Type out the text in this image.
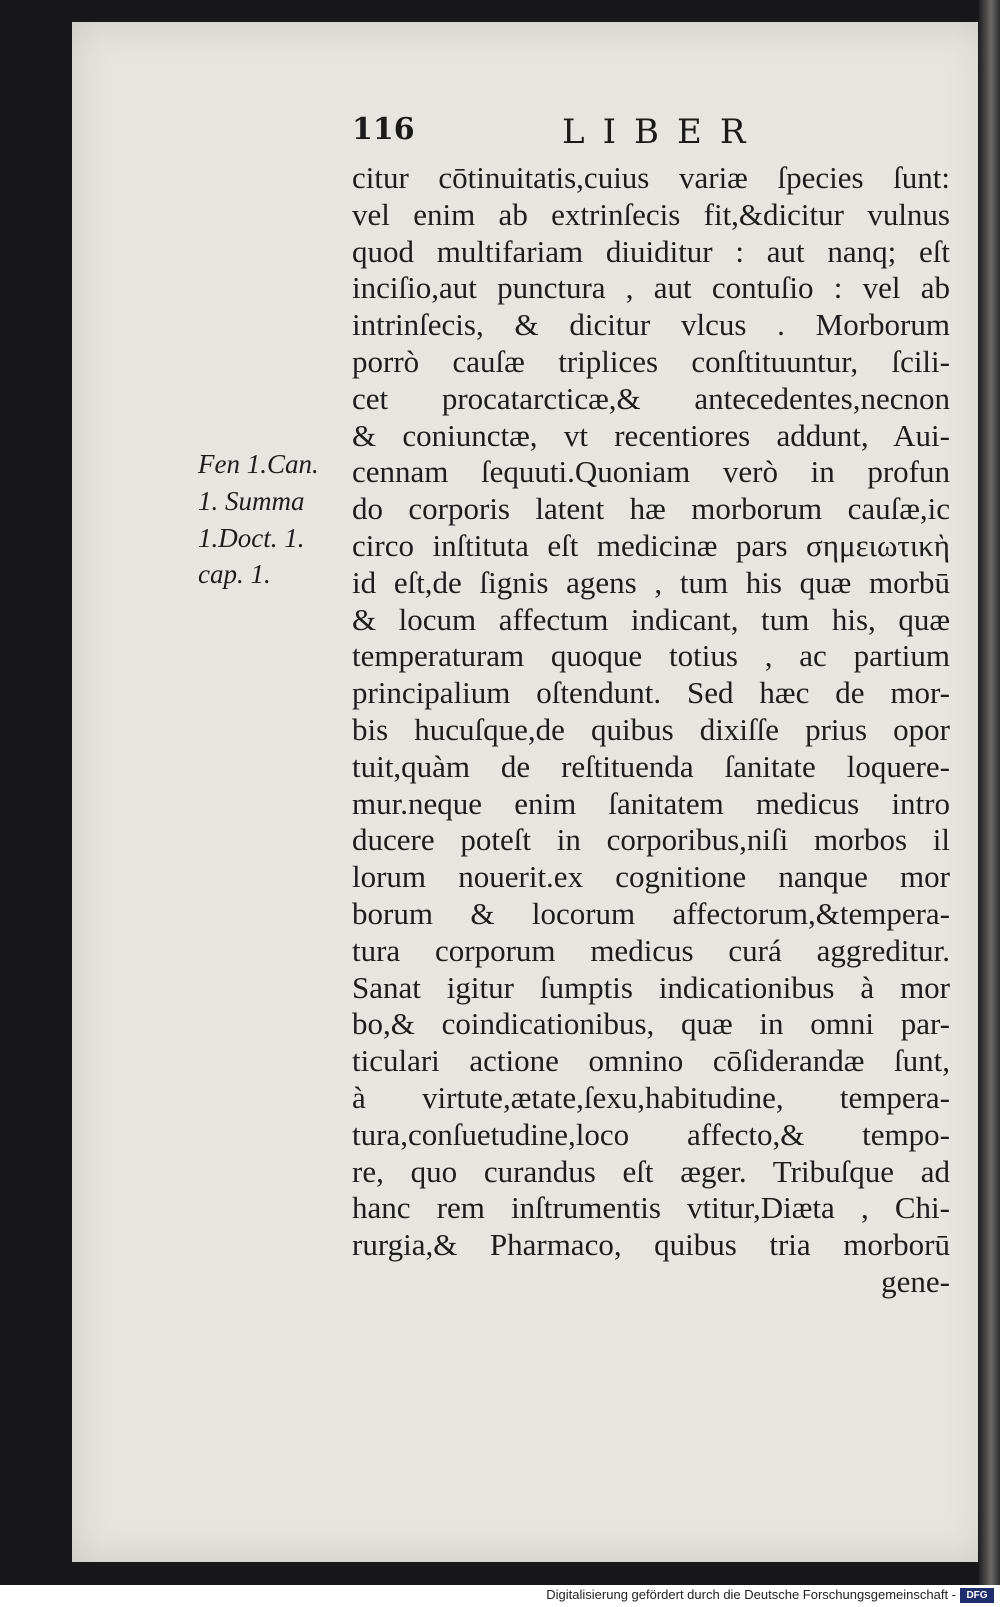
116	LIBER
Fen 1.Can.
1. Summa
1.Doct. 1.
cap. 1.
citur cōtinuitatis,cuius variæ ſpecies ſunt:
vel enim ab extrinſecis fit,&dicitur vulnus
quod multifariam diuiditur : aut nanq; eſt
inciſio,aut punctura , aut contuſio : vel ab
intrinſecis, & dicitur vlcus . Morborum
porrò cauſæ triplices conſtituuntur, ſcili-
cet procatarcticæ,& antecedentes,necnon
& coniunctæ, vt recentiores addunt, Aui-
cennam ſequuti.Quoniam verò in profun
do corporis latent hæ morborum cauſæ,ic
circo inſtituta eſt medicinæ pars σημειωτικὴ
id eſt,de ſignis agens , tum his quæ morbū
& locum affectum indicant, tum his, quæ
temperaturam quoque totius , ac partium
principalium oſtendunt. Sed hæc de mor-
bis hucuſque,de quibus dixiſſe prius opor
tuit,quàm de reſtituenda ſanitate loquere-
mur.neque enim ſanitatem medicus intro
ducere poteſt in corporibus,niſi morbos il
lorum nouerit.ex cognitione nanque mor
borum & locorum affectorum,&tempera-
tura corporum medicus curá aggreditur.
Sanat igitur ſumptis indicationibus à mor
bo,& coindicationibus, quæ in omni par-
ticulari actione omnino cōſiderandæ ſunt,
à virtute,ætate,ſexu,habitudine, tempera-
tura,conſuetudine,loco affecto,& tempo-
re, quo curandus eſt æger. Tribuſque ad
hanc rem inſtrumentis vtitur,Diæta , Chi-
rurgia,& Pharmaco, quibus tria morborū
gene-
Digitalisierung gefördert durch die Deutsche Forschungsgemeinschaft -	DFG
